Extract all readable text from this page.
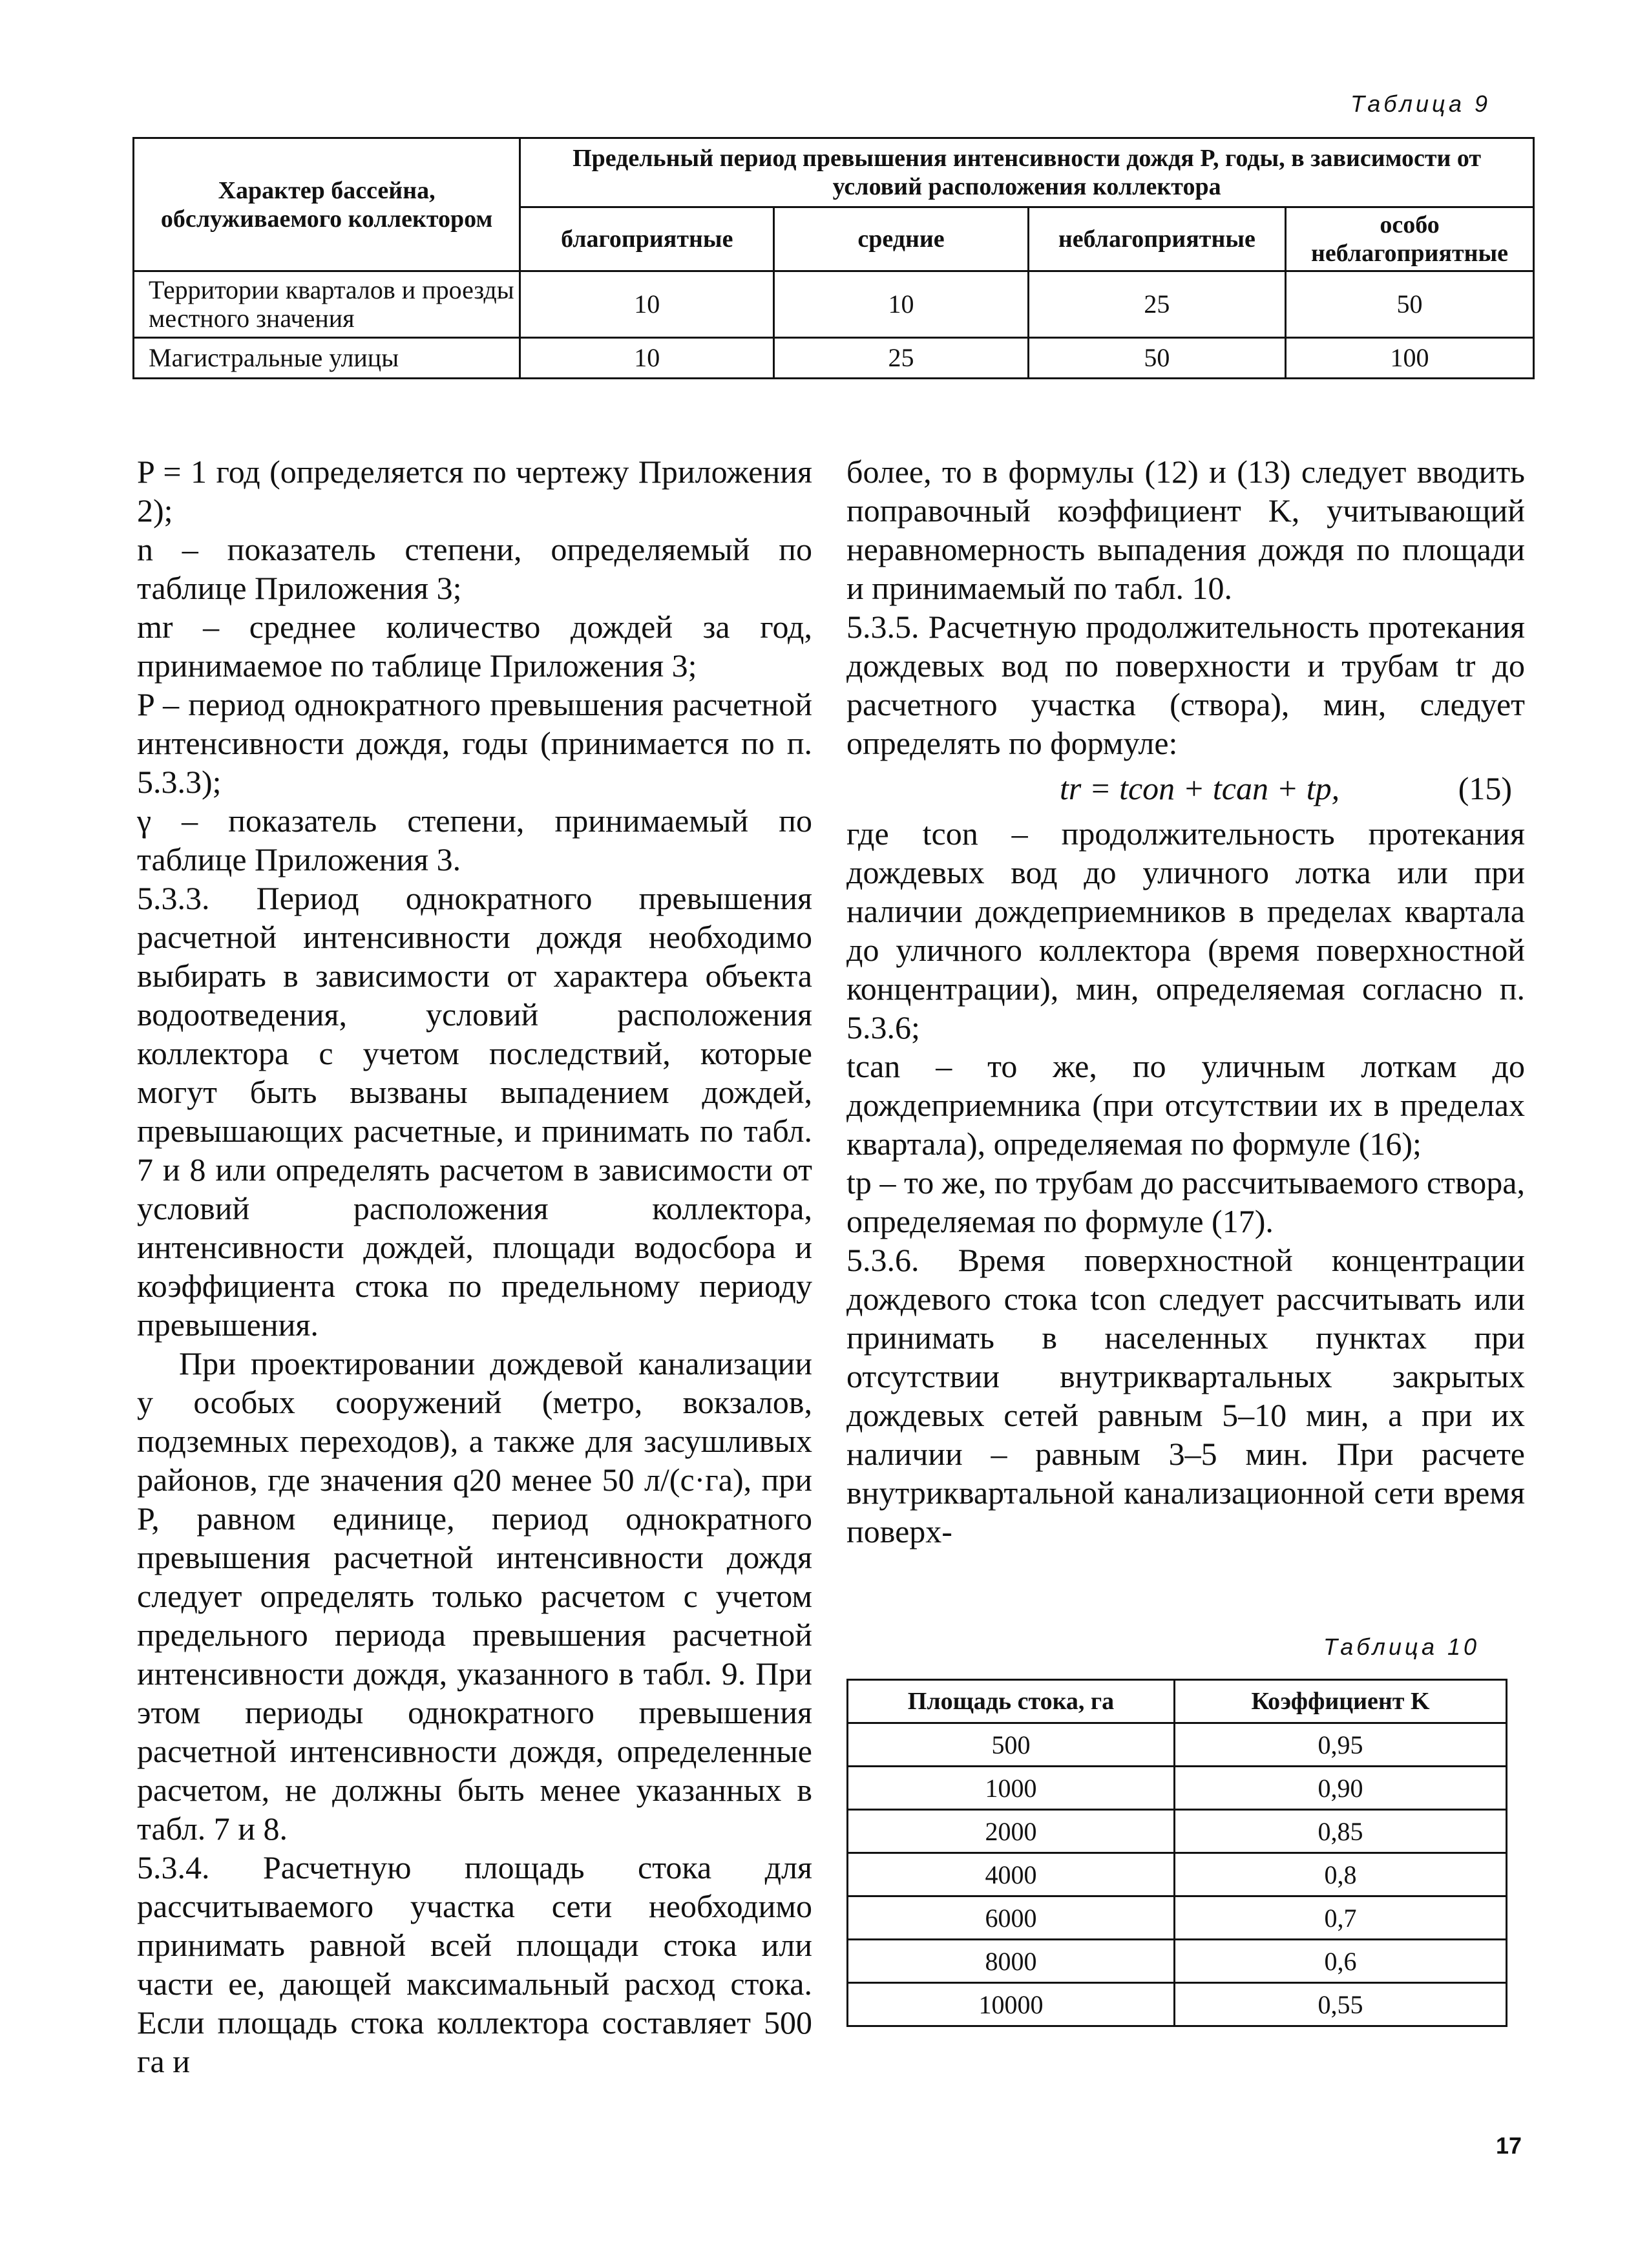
Таблица 9
Характер бассейна, обслуживаемого коллектором	Предельный период превышения интенсивности дождя P, годы, в зависимости от условий расположения коллектора			
	благоприятные	средние	неблагоприятные	особо неблагоприятные
Территории кварталов и проезды местного значения	10	10	25	50
Магистральные улицы	10	25	50	100

P = 1 год (определяется по чертежу Приложения 2);

n – показатель степени, определяемый по таблице Приложения 3;

mr – среднее количество дождей за год, принимаемое по таблице Приложения 3;

P – период однократного превышения расчетной интенсивности дождя, годы (принимается по п. 5.3.3);

γ – показатель степени, принимаемый по таблице Приложения 3.

5.3.3. Период однократного превышения расчетной интенсивности дождя необходимо выбирать в зависимости от характера объекта водоотведения, условий расположения коллектора с учетом последствий, которые могут быть вызваны выпадением дождей, превышающих расчетные, и принимать по табл. 7 и 8 или определять расчетом в зависимости от условий расположения коллектора, интенсивности дождей, площади водосбора и коэффициента стока по предельному периоду превышения.

При проектировании дождевой канализации у особых сооружений (метро, вокзалов, подземных переходов), а также для засушливых районов, где значения q20 менее 50 л/(с·га), при P, равном единице, период однократного превышения расчетной интенсивности дождя следует определять только расчетом с учетом предельного периода превышения расчетной интенсивности дождя, указанного в табл. 9. При этом периоды однократного превышения расчетной интенсивности дождя, определенные расчетом, не должны быть менее указанных в табл. 7 и 8.

5.3.4. Расчетную площадь стока для рассчитываемого участка сети необходимо принимать равной всей площади стока или части ее, дающей максимальный расход стока. Если площадь стока коллектора составляет 500 га и

более, то в формулы (12) и (13) следует вводить поправочный коэффициент K, учитывающий неравномерность выпадения дождя по площади и принимаемый по табл. 10.

5.3.5. Расчетную продолжительность протекания дождевых вод по поверхности и трубам tr до расчетного участка (створа), мин, следует определять по формуле:

tr = tcon + tcan + tp,	(15)

где tcon – продолжительность протекания дождевых вод до уличного лотка или при наличии дождеприемников в пределах квартала до уличного коллектора (время поверхностной концентрации), мин, определяемая согласно п. 5.3.6;

tcan – то же, по уличным лоткам до дождеприемника (при отсутствии их в пределах квартала), определяемая по формуле (16);

tp – то же, по трубам до рассчитываемого створа, определяемая по формуле (17).

5.3.6. Время поверхностной концентрации дождевого стока tcon следует рассчитывать или принимать в населенных пунктах при отсутствии внутриквартальных закрытых дождевых сетей равным 5–10 мин, а при их наличии – равным 3–5 мин. При расчете внутриквартальной канализационной сети время поверх-

Таблица 10
Площадь стока, га	Коэффициент K
500	0,95
1000	0,90
2000	0,85
4000	0,8
6000	0,7
8000	0,6
10000	0,55
17
